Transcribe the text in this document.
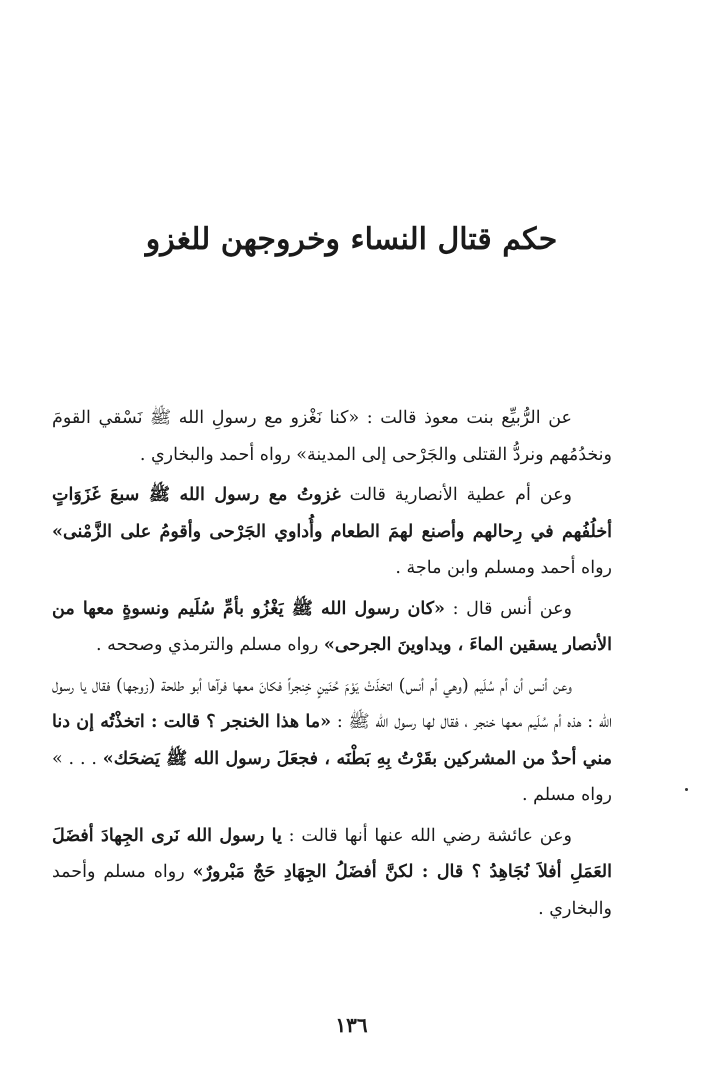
حكم قتال النساء وخروجهن للغزو

عن الرُّبيِّع بنت معوذ قالت : «كنا نَغْزو مع رسولِ الله ﷺ نَسْقي القومَ ونخدُمُهم ونردُّ القتلى والجَرْحى إلى المدينة» رواه أحمد والبخاري .

وعن أم عطية الأنصارية قالت غزوتُ مع رسول الله ﷺ سبعَ غَزَوَاتٍ أخلُفُهم في رِحالهم وأصنع لهمَ الطعام وأُداوي الجَرْحى وأقومُ على الزَّمْنى» رواه أحمد ومسلم وابن ماجة .

وعن أنس قال : «كان رسول الله ﷺ يَغْزُو بأمِّ سُلَيم ونسوةٍ معها من الأنصار يسقين الماءَ ، ويداوينَ الجرحى» رواه مسلم والترمذي وصححه .

وعن أنس أن أم سُلَيم (وهي أم أنس) اتخذَتْ يَوْمَ حُنَينٍ خِنجراً فكانَ معها فرآها أبو طلحة (زوجها) فقال يا رسول الله : هذه أم سُلَيم معها خنجر ، فقال لها رسول الله ﷺ : «ما هذا الخنجر ؟ قالت : اتخذْتُه إن دنا مني أحدٌ من المشركين بقَرْتُ بِهِ بَطْنَه ، فجعَلَ رسول الله ﷺ يَضحَك» . . . » رواه مسلم .

وعن عائشة رضي الله عنها أنها قالت : يا رسول الله نَرى الجِهادَ أفضَلَ العَمَلِ أفلاَ نُجَاهِدُ ؟ قال : لكنَّ أفضَلُ الجِهَادِ حَجٌ مَبْرورٌ» رواه مسلم وأحمد والبخاري .

١٣٦
